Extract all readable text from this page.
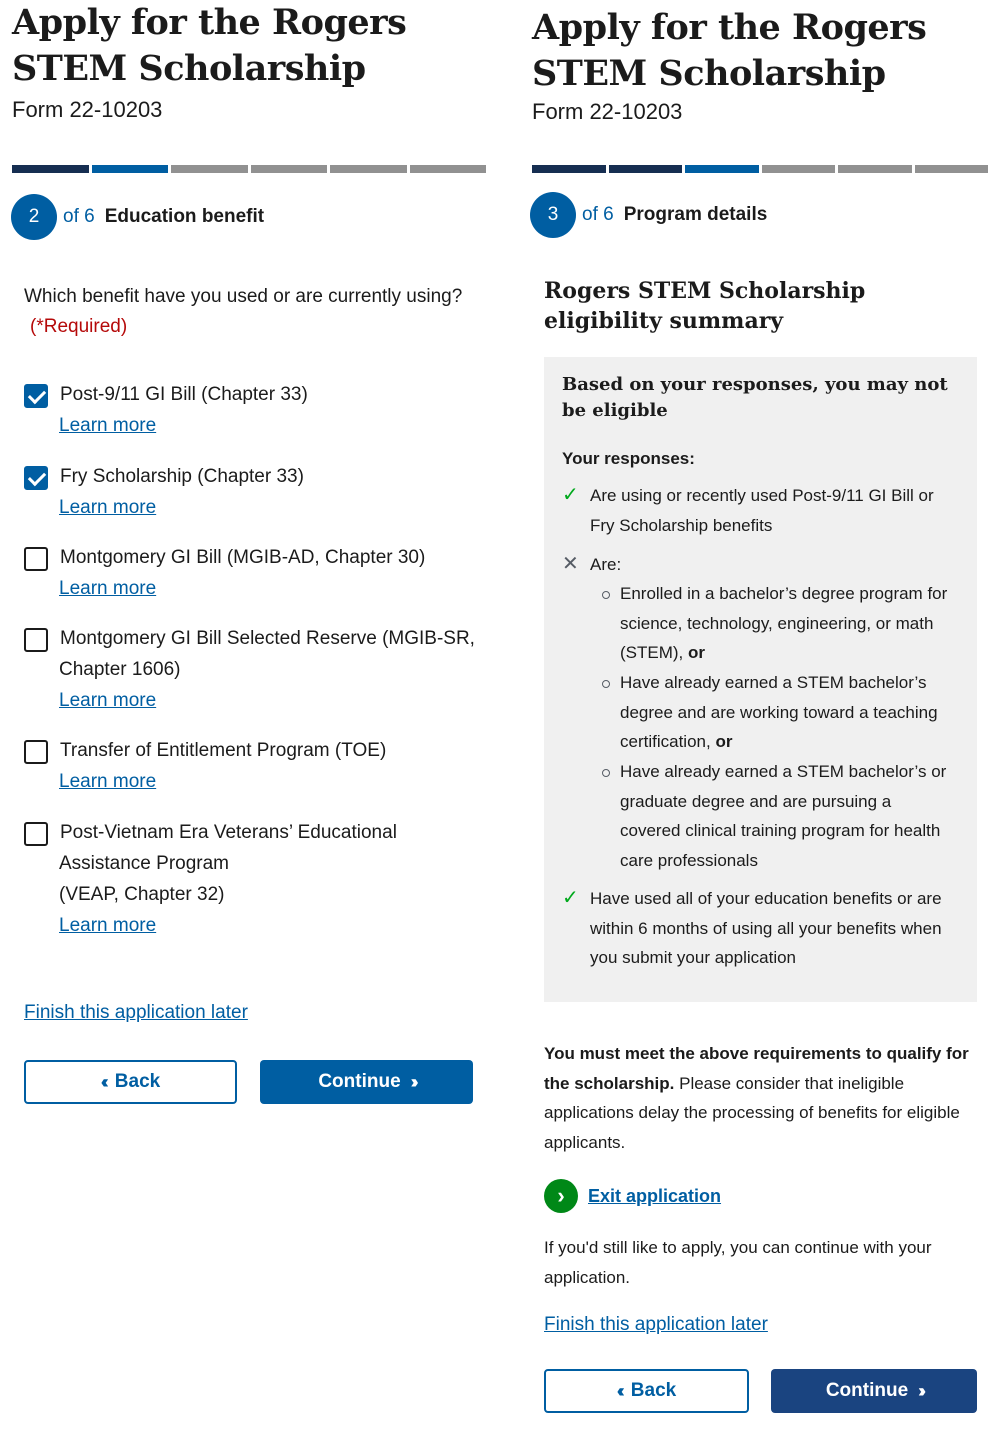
Apply for the Rogers
STEM Scholarship
Form 22-10203
2	of 6 Education benefit
Which benefit have you used or are currently using?
(*Required)
Post-9/11 GI Bill (Chapter 33)
Learn more
Fry Scholarship (Chapter 33)
Learn more
Montgomery GI Bill (MGIB-AD, Chapter 30)
Learn more
Montgomery GI Bill Selected Reserve (MGIB-SR,
Chapter 1606)
Learn more
Transfer of Entitlement Program (TOE)
Learn more
Post-Vietnam Era Veterans’ Educational
Assistance Program
(VEAP, Chapter 32)
Learn more
Finish this application later
‹‹ Back	Continue ››
Apply for the Rogers
STEM Scholarship
Form 22-10203
3	of 6 Program details
Rogers STEM Scholarship eligibility summary
Based on your responses, you may not be eligible
Your responses:
✓ Are using or recently used Post-9/11 GI Bill or Fry Scholarship benefits
✕ Are:
Enrolled in a bachelor’s degree program for science, technology, engineering, or math (STEM), or
Have already earned a STEM bachelor’s degree and are working toward a teaching certification, or
Have already earned a STEM bachelor’s or graduate degree and are pursuing a covered clinical training program for health care professionals
✓ Have used all of your education benefits or are within 6 months of using all your benefits when you submit your application
You must meet the above requirements to qualify for the scholarship. Please consider that ineligible applications delay the processing of benefits for eligible applicants.
›	Exit application
If you'd still like to apply, you can continue with your application.
Finish this application later
‹‹ Back	Continue ››
